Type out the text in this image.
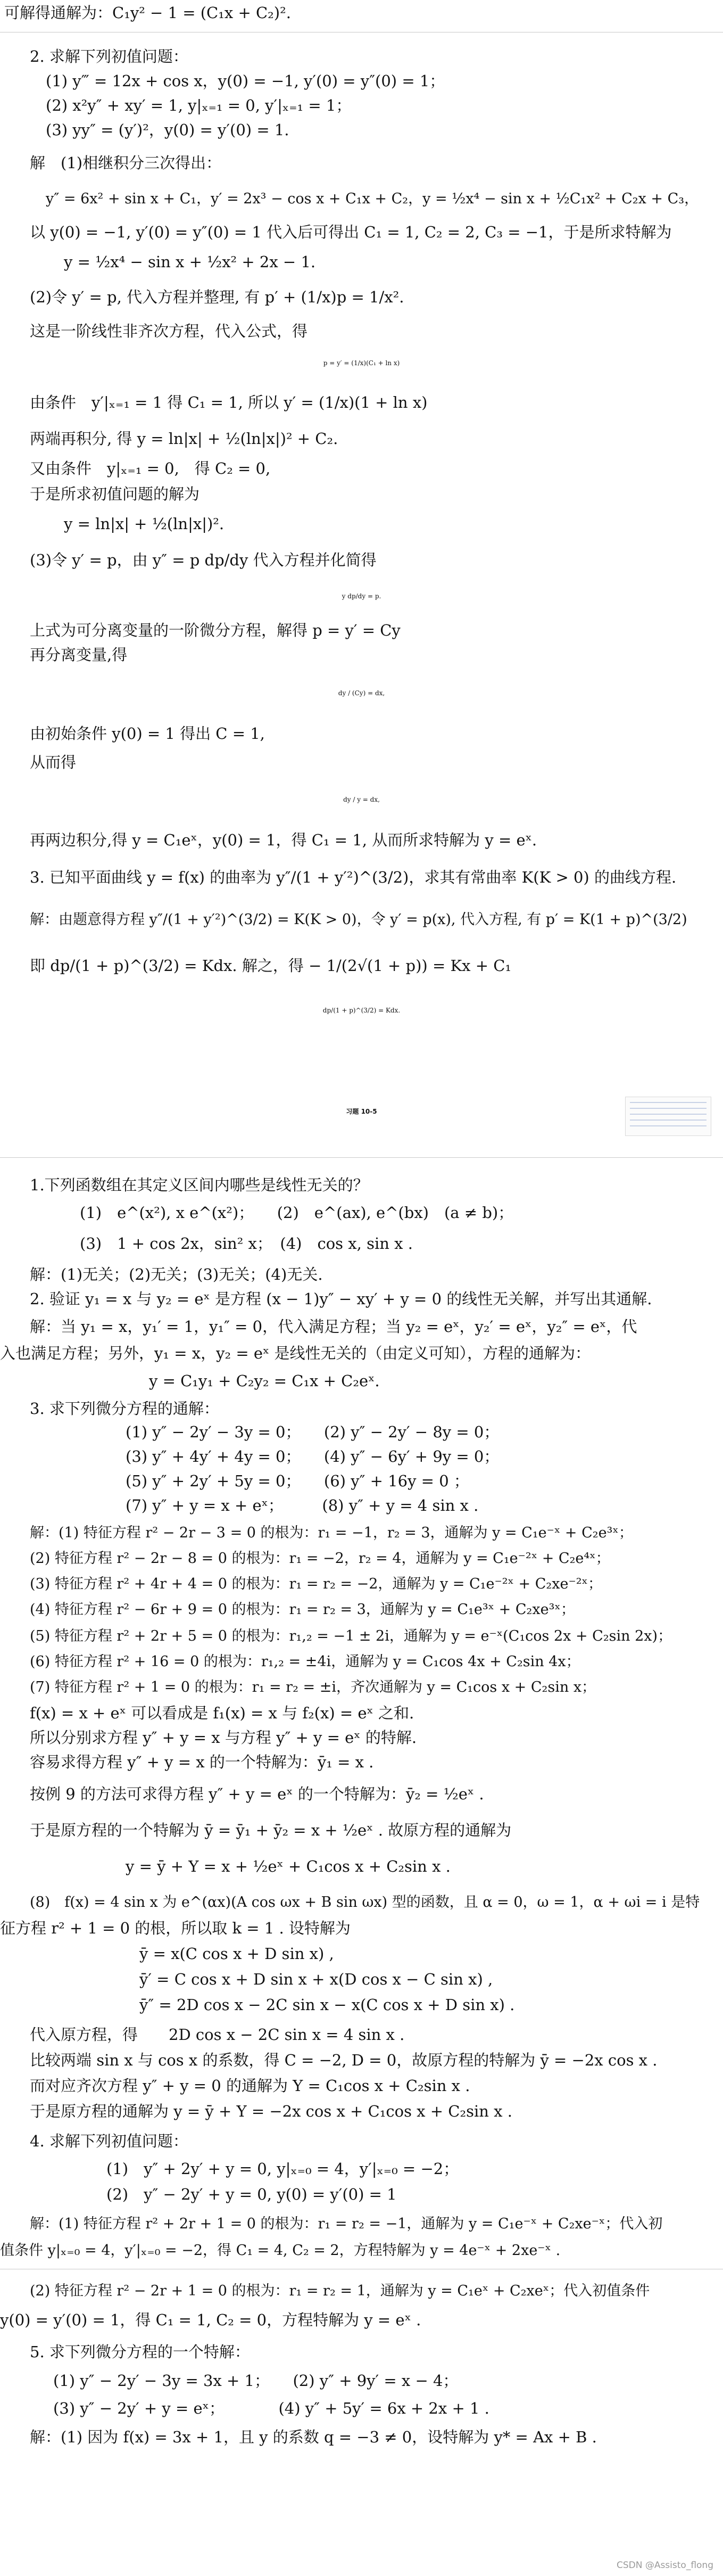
可解得通解为：C₁y² − 1 = (C₁x + C₂)².
2. 求解下列初值问题：
(1) y‴ = 12x + cos x，y(0) = −1, y′(0) = y″(0) = 1；
(2) x²y″ + xy′ = 1, y|ₓ₌₁ = 0, y′|ₓ₌₁ = 1；
(3) yy″ = (y′)²，y(0) = y′(0) = 1.
解　(1)相继积分三次得出：
y″ = 6x² + sin x + C₁，y′ = 2x³ − cos x + C₁x + C₂，y = ½x⁴ − sin x + ½C₁x² + C₂x + C₃，
以 y(0) = −1, y′(0) = y″(0) = 1 代入后可得出 C₁ = 1, C₂ = 2, C₃ = −1，于是所求特解为
y = ½x⁴ − sin x + ½x² + 2x − 1.
(2)令 y′ = p, 代入方程并整理, 有 p′ + (1/x)p = 1/x².
这是一阶线性非齐次方程，代入公式，得
p = y′ = (1/x)(C₁ + ln x)
由条件　y′|ₓ₌₁ = 1 得 C₁ = 1, 所以 y′ = (1/x)(1 + ln x)
两端再积分, 得 y = ln|x| + ½(ln|x|)² + C₂.
又由条件　y|ₓ₌₁ = 0,　得 C₂ = 0,
于是所求初值问题的解为
y = ln|x| + ½(ln|x|)².
(3)令 y′ = p，由 y″ = p dp/dy 代入方程并化简得
y dp/dy = p.
上式为可分离变量的一阶微分方程，解得 p = y′ = Cy
再分离变量,得
dy / (Cy) = dx,
由初始条件 y(0) = 1 得出 C = 1,
从而得
dy / y = dx,
再两边积分,得 y = C₁eˣ，y(0) = 1，得 C₁ = 1, 从而所求特解为 y = eˣ.
3. 已知平面曲线 y = f(x) 的曲率为 y″/(1 + y′²)^(3/2)，求其有常曲率 K(K > 0) 的曲线方程.
解：由题意得方程 y″/(1 + y′²)^(3/2) = K(K > 0)，令 y′ = p(x), 代入方程, 有 p′ = K(1 + p)^(3/2)
即 dp/(1 + p)^(3/2) = Kdx. 解之，得 − 1/(2√(1 + p)) = Kx + C₁
dp/(1 + p)^(3/2) = Kdx.
习题 10-5
1.下列函数组在其定义区间内哪些是线性无关的？
(1)　e^(x²), x e^(x²)；　　(2)　e^(ax), e^(bx)　(a ≠ b)；
(3)　1 + cos 2x，sin² x；　(4)　cos x, sin x .
解：(1)无关；(2)无关；(3)无关；(4)无关.
2. 验证 y₁ = x 与 y₂ = eˣ 是方程 (x − 1)y″ − xy′ + y = 0 的线性无关解，并写出其通解.
解：当 y₁ = x，y₁′ = 1，y₁″ = 0，代入满足方程；当 y₂ = eˣ，y₂′ = eˣ，y₂″ = eˣ，代
入也满足方程；另外，y₁ = x，y₂ = eˣ 是线性无关的（由定义可知），方程的通解为：
y = C₁y₁ + C₂y₂ = C₁x + C₂eˣ.
3. 求下列微分方程的通解：
(1) y″ − 2y′ − 3y = 0；　　(2) y″ − 2y′ − 8y = 0；
(3) y″ + 4y′ + 4y = 0；　　(4) y″ − 6y′ + 9y = 0；
(5) y″ + 2y′ + 5y = 0；　　(6) y″ + 16y = 0 ；
(7) y″ + y = x + eˣ；　　　(8) y″ + y = 4 sin x .
解：(1) 特征方程 r² − 2r − 3 = 0 的根为：r₁ = −1，r₂ = 3，通解为 y = C₁e⁻ˣ + C₂e³ˣ；
(2) 特征方程 r² − 2r − 8 = 0 的根为：r₁ = −2，r₂ = 4，通解为 y = C₁e⁻²ˣ + C₂e⁴ˣ；
(3) 特征方程 r² + 4r + 4 = 0 的根为：r₁ = r₂ = −2，通解为 y = C₁e⁻²ˣ + C₂xe⁻²ˣ；
(4) 特征方程 r² − 6r + 9 = 0 的根为：r₁ = r₂ = 3，通解为 y = C₁e³ˣ + C₂xe³ˣ；
(5) 特征方程 r² + 2r + 5 = 0 的根为：r₁,₂ = −1 ± 2i，通解为 y = e⁻ˣ(C₁cos 2x + C₂sin 2x)；
(6) 特征方程 r² + 16 = 0 的根为：r₁,₂ = ±4i，通解为 y = C₁cos 4x + C₂sin 4x；
(7) 特征方程 r² + 1 = 0 的根为：r₁ = r₂ = ±i，齐次通解为 y = C₁cos x + C₂sin x；
f(x) = x + eˣ 可以看成是 f₁(x) = x 与 f₂(x) = eˣ 之和.
所以分别求方程 y″ + y = x 与方程 y″ + y = eˣ 的特解.
容易求得方程 y″ + y = x 的一个特解为：ȳ₁ = x .
按例 9 的方法可求得方程 y″ + y = eˣ 的一个特解为：ȳ₂ = ½eˣ .
于是原方程的一个特解为 ȳ = ȳ₁ + ȳ₂ = x + ½eˣ . 故原方程的通解为
y = ȳ + Y = x + ½eˣ + C₁cos x + C₂sin x .
(8)　f(x) = 4 sin x 为 e^(αx)(A cos ωx + B sin ωx) 型的函数，且 α = 0，ω = 1，α + ωi = i 是特
征方程 r² + 1 = 0 的根，所以取 k = 1 . 设特解为
ȳ = x(C cos x + D sin x) ,
ȳ′ = C cos x + D sin x + x(D cos x − C sin x) ,
ȳ″ = 2D cos x − 2C sin x − x(C cos x + D sin x) .
代入原方程，得　　2D cos x − 2C sin x = 4 sin x .
比较两端 sin x 与 cos x 的系数，得 C = −2, D = 0，故原方程的特解为 ȳ = −2x cos x .
而对应齐次方程 y″ + y = 0 的通解为 Y = C₁cos x + C₂sin x .
于是原方程的通解为 y = ȳ + Y = −2x cos x + C₁cos x + C₂sin x .
4. 求解下列初值问题：
(1)　y″ + 2y′ + y = 0, y|ₓ₌₀ = 4，y′|ₓ₌₀ = −2；
(2)　y″ − 2y′ + y = 0, y(0) = y′(0) = 1
解：(1) 特征方程 r² + 2r + 1 = 0 的根为：r₁ = r₂ = −1，通解为 y = C₁e⁻ˣ + C₂xe⁻ˣ；代入初
值条件 y|ₓ₌₀ = 4，y′|ₓ₌₀ = −2，得 C₁ = 4, C₂ = 2，方程特解为 y = 4e⁻ˣ + 2xe⁻ˣ .
(2) 特征方程 r² − 2r + 1 = 0 的根为：r₁ = r₂ = 1，通解为 y = C₁eˣ + C₂xeˣ；代入初值条件
y(0) = y′(0) = 1，得 C₁ = 1, C₂ = 0，方程特解为 y = eˣ .
5. 求下列微分方程的一个特解：
(1) y″ − 2y′ − 3y = 3x + 1；　　(2) y″ + 9y′ = x − 4；
(3) y″ − 2y′ + y = eˣ；　　　　(4) y″ + 5y′ = 6x + 2x + 1 .
解：(1) 因为 f(x) = 3x + 1，且 y 的系数 q = −3 ≠ 0，设特解为 y* = Ax + B .
CSDN @Assisto_flong
